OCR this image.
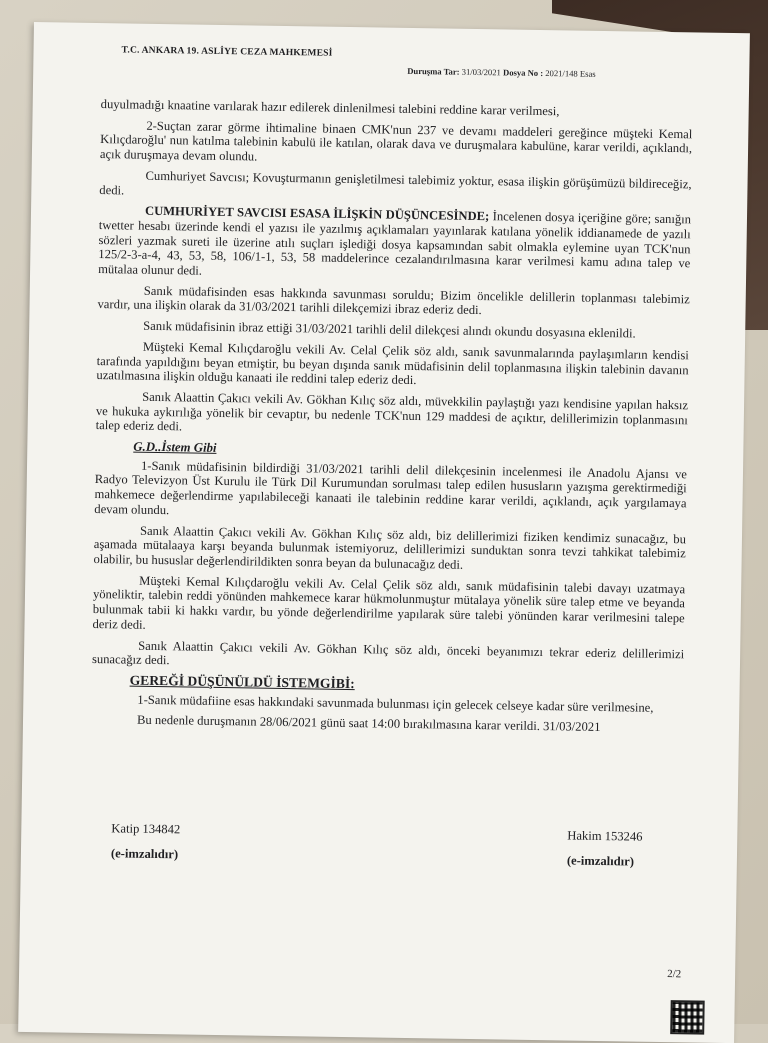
T.C. ANKARA 19. ASLİYE CEZA MAHKEMESİ
Duruşma Tar: 31/03/2021 Dosya No : 2021/148 Esas

duyulmadığı knaatine varılarak hazır edilerek dinlenilmesi talebini reddine karar verilmesi,

2-Suçtan zarar görme ihtimaline binaen CMK'nun 237 ve devamı maddeleri gereğince müşteki Kemal Kılıçdaroğlu' nun katılma talebinin kabulü ile katılan, olarak dava ve duruşmalara kabulüne, karar verildi, açıklandı, açık duruşmaya devam olundu.

Cumhuriyet Savcısı; Kovuşturmanın genişletilmesi talebimiz yoktur, esasa ilişkin görüşümüzü bildireceğiz, dedi.

CUMHURİYET SAVCISI ESASA İLİŞKİN DÜŞÜNCESİNDE; İncelenen dosya içeriğine göre; sanığın twetter hesabı üzerinde kendi el yazısı ile yazılmış açıklamaları yayınlarak katılana yönelik iddianamede de yazılı sözleri yazmak sureti ile üzerine atılı suçları işlediği dosya kapsamından sabit olmakla eylemine uyan TCK'nun 125/2-3-a-4, 43, 53, 58, 106/1-1, 53, 58 maddelerince cezalandırılmasına karar verilmesi kamu adına talep ve mütalaa olunur dedi.

Sanık müdafisinden esas hakkında savunması soruldu; Bizim öncelikle delillerin toplanması talebimiz vardır, una ilişkin olarak da 31/03/2021 tarihli dilekçemizi ibraz ederiz dedi.

Sanık müdafisinin ibraz ettiği 31/03/2021 tarihli delil dilekçesi alındı okundu dosyasına eklenildi.

Müşteki Kemal Kılıçdaroğlu vekili Av. Celal Çelik söz aldı, sanık savunmalarında paylaşımların kendisi tarafında yapıldığını beyan etmiştir, bu beyan dışında sanık müdafisinin delil toplanmasına ilişkin talebinin davanın uzatılmasına ilişkin olduğu kanaati ile reddini talep ederiz dedi.

Sanık Alaattin Çakıcı vekili Av. Gökhan Kılıç söz aldı, müvekkilin paylaştığı yazı kendisine yapılan haksız ve hukuka aykırılığa yönelik bir cevaptır, bu nedenle TCK'nun 129 maddesi de açıktır, delillerimizin toplanmasını talep ederiz dedi.

G.D..İstem Gibi

1-Sanık müdafisinin bildirdiği 31/03/2021 tarihli delil dilekçesinin incelenmesi ile Anadolu Ajansı ve Radyo Televizyon Üst Kurulu ile Türk Dil Kurumundan sorulması talep edilen hususların yazışma gerektirmediği mahkemece değerlendirme yapılabileceği kanaati ile talebinin reddine karar verildi, açıklandı, açık yargılamaya devam olundu.

Sanık Alaattin Çakıcı vekili Av. Gökhan Kılıç söz aldı, biz delillerimizi fiziken kendimiz sunacağız, bu aşamada mütalaaya karşı beyanda bulunmak istemiyoruz, delillerimizi sunduktan sonra tevzi tahkikat talebimiz olabilir, bu hususlar değerlendirildikten sonra beyan da bulunacağız dedi.

Müşteki Kemal Kılıçdaroğlu vekili Av. Celal Çelik söz aldı, sanık müdafisinin talebi davayı uzatmaya yöneliktir, talebin reddi yönünden mahkemece karar hükmolunmuştur mütalaya yönelik süre talep etme ve beyanda bulunmak tabii ki hakkı vardır, bu yönde değerlendirilme yapılarak süre talebi yönünden karar verilmesini talepe deriz dedi.

Sanık Alaattin Çakıcı vekili Av. Gökhan Kılıç söz aldı, önceki beyanımızı tekrar ederiz delillerimizi sunacağız dedi.

GEREĞİ DÜŞÜNÜLDÜ İSTEMGİBİ:

1-Sanık müdafiine esas hakkındaki savunmada bulunması için gelecek celseye kadar süre verilmesine,

Bu nedenle duruşmanın 28/06/2021 günü saat 14:00 bırakılmasına karar verildi. 31/03/2021

Katip 134842
(e-imzalıdır)
Hakim 153246
(e-imzalıdır)
2/2
